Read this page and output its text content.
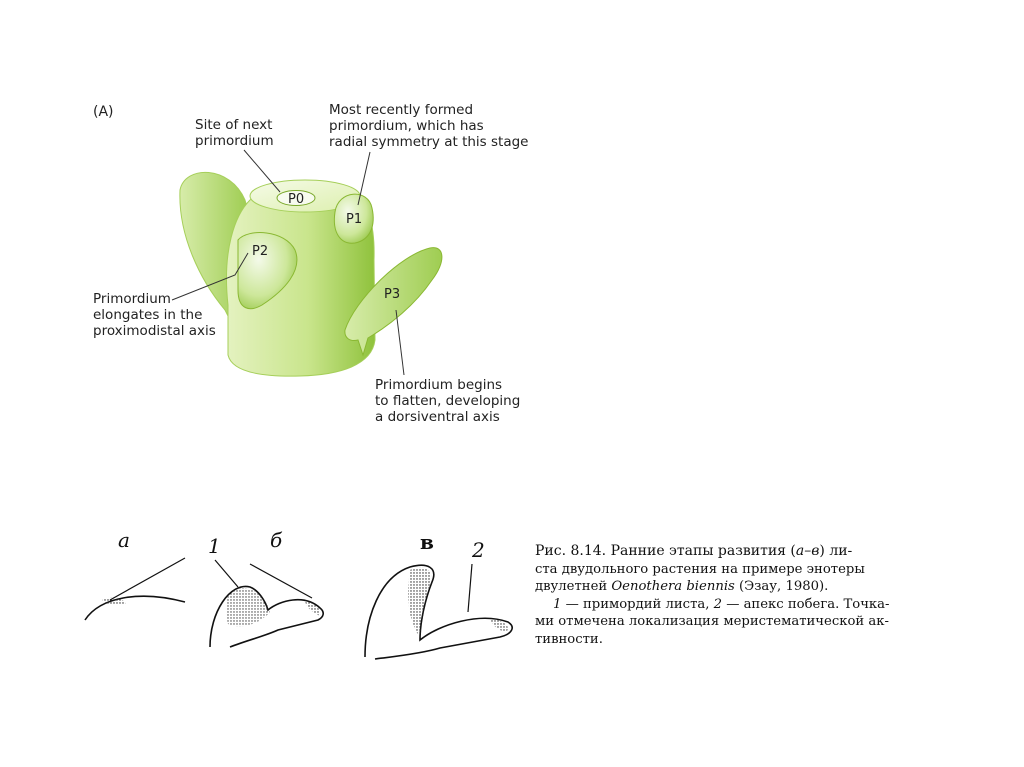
P0
P1
P2
P3
(A)
Site of next
primordium
Most recently formed
primordium, which has
radial symmetry at this stage
Primordium
elongates in the
proximodistal axis
Primordium begins
to flatten, developing
a dorsiventral axis
а	1 б	в 2	Рис. 8.14. Ранние этапы развития (а–в) ли-
ста двудольного растения на примере энотеры
двулетней Oenothera biennis (Эзау, 1980).
1 — примордий листа, 2 — апекс побега. Точка-
ми отмечена локализация меристематической ак-
тивности.
